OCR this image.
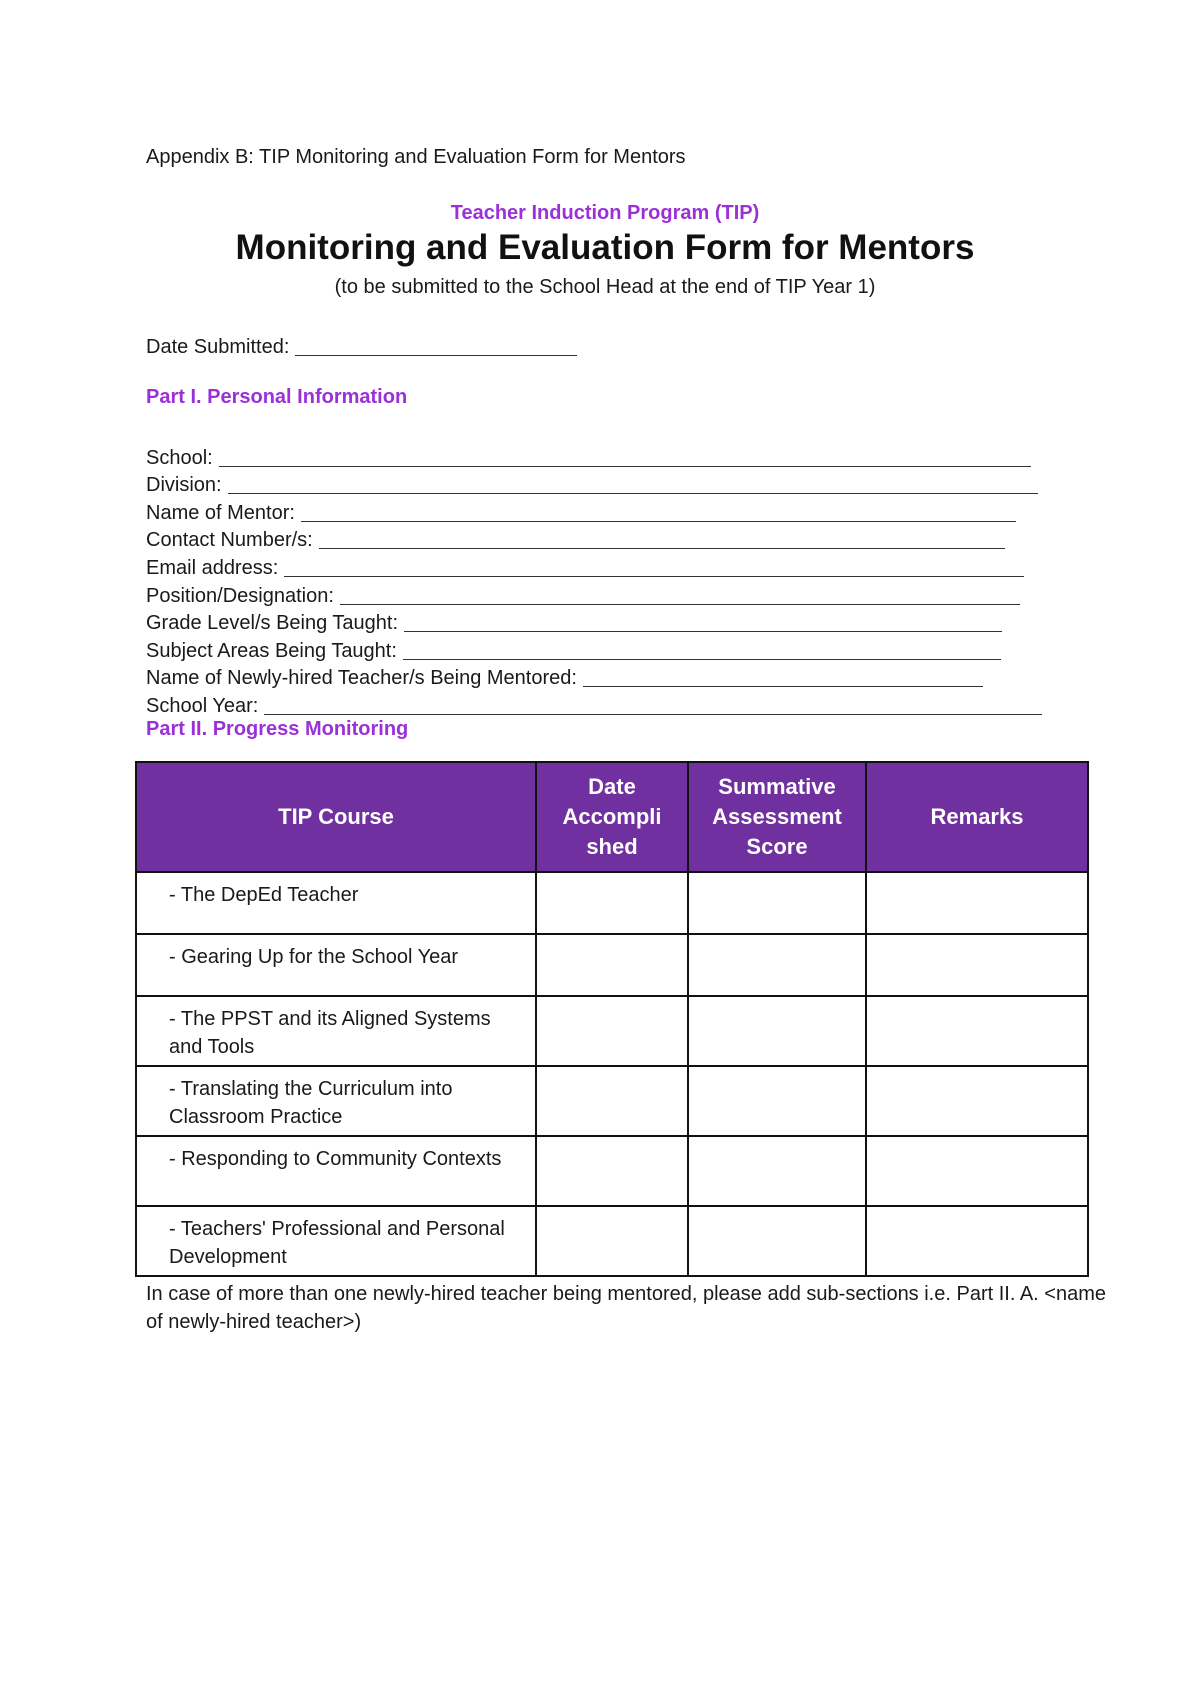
Appendix B: TIP Monitoring and Evaluation Form for Mentors
Teacher Induction Program (TIP)
Monitoring and Evaluation Form for Mentors
(to be submitted to the School Head at the end of TIP Year 1)
Date Submitted:
Part I. Personal Information
School:
Division:
Name of Mentor:
Contact Number/s:
Email address:
Position/Designation:
Grade Level/s Being Taught:
Subject Areas Being Taught:
Name of Newly-hired Teacher/s Being Mentored:
School Year:
Part II. Progress Monitoring
TIP Course	Date Accompli shed	Summative Assessment Score	Remarks
- The DepEd Teacher			
- Gearing Up for the School Year			
- The PPST and its Aligned Systems and Tools			
- Translating the Curriculum into Classroom Practice			
- Responding to Community Contexts			
- Teachers' Professional and Personal Development			
In case of more than one newly-hired teacher being mentored, please add sub-sections i.e. Part II. A. <name of newly-hired teacher>)
